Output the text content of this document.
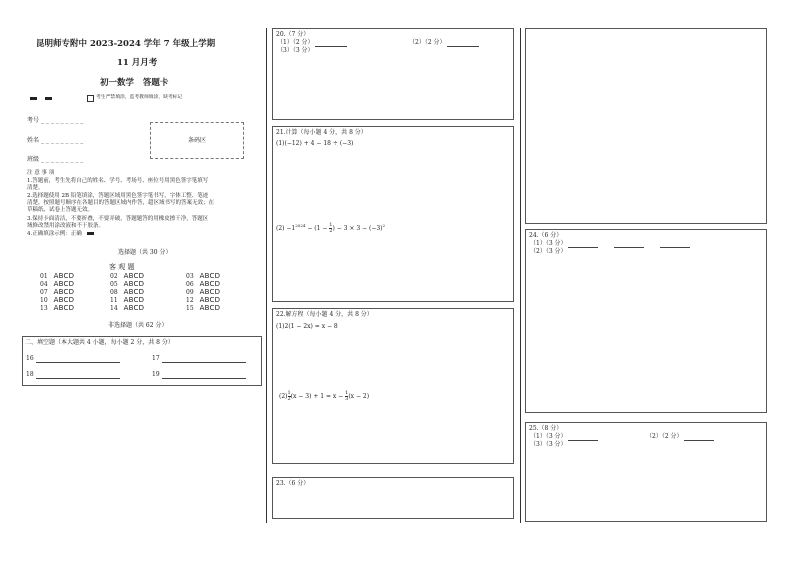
昆明师专附中 2023-2024 学年 7 年级上学期
11 月月考
初一数学   答题卡
考生严禁填涂，监考教师填涂，缺考标记
考号 _ _ _ _ _ _ _ _ _
姓名 _ _ _ _ _ _ _ _ _
班级 _ _ _ _ _ _ _ _ _
条码区
注 意 事 项
1.答题前，考生先将自己的姓名、学号、考场号、座位号用黑色签字笔填写
清楚。
2.选择题使用 2B 铅笔填涂，答题区域用黑色签字笔书写，字体工整、笔迹
清楚，按照题号顺序在各题目的答题区域内作答，超区域书写的答案无效；在
草稿纸、试卷上答题无效。
3.保持卡面清洁，不要折叠，不要弄破，答题题答的用橡皮擦干净，答题区
域修改禁用涂改液和不干胶条。
4.正确填涂示例：正确
选择题（共 30 分）
客 观 题
01 ABCD	02 ABCD	03 ABCD
04 ABCD	05 ABCD	06 ABCD
07 ABCD	08 ABCD	09 ABCD
10 ABCD	11 ABCD	12 ABCD
13 ABCD	14 ABCD	15 ABCD
非选择题（共 62 分）
二、填空题（本大题共 4 小题，每小题 2 分，共 8 分）
16	17
18	19
20.（7 分）
（1）（2 分）	（2）（2 分）
（3）（3 分）
21.计算（每小题 4 分，共 8 分）
(1)(−12) + 4 − 18 ÷ (−3)
$(2) -1^{2024} - (1 - \frac{1}{2}$ ) − $3 \times 3 - (-3)^2$
22.解方程（每小题 4 分，共 8 分）
(1)2(1 − 2x) = x − 8
$(2) \frac{1}{2} (x - 3) + 1 = x - \frac{1}{3} (x - 2)$
23.（6 分）
24.（6 分）
（1）（3 分）
（2）（3 分）
25.（8 分）
（1）（3 分）	（2）（2 分）
（3）（3 分）
